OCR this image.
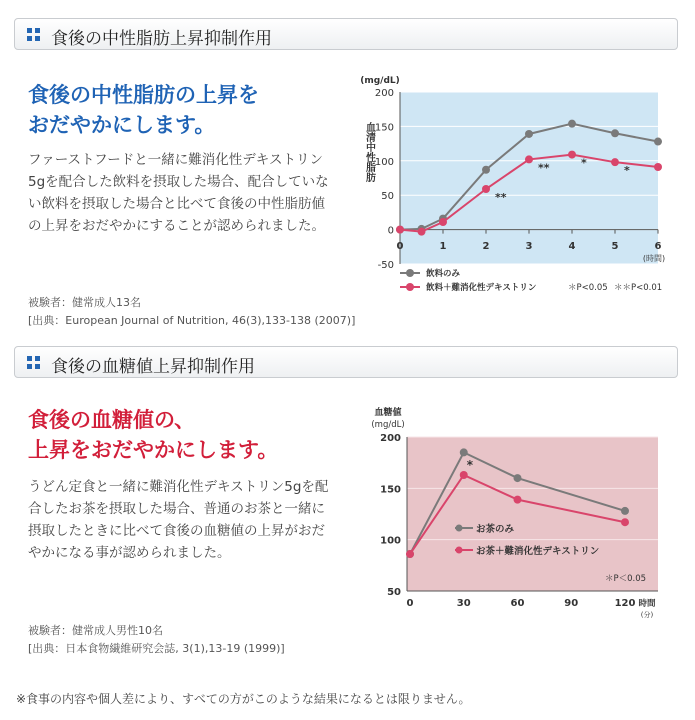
食後の中性脂肪上昇抑制作用
食後の中性脂肪の上昇を
おだやかにします。
ファーストフードと一緒に難消化性デキストリン
5gを配合した飲料を摂取した場合、配合していな
い飲料を摂取した場合と比べて食後の中性脂肪値
の上昇をおだやかにすることが認められました。
被験者：健常成人13名
[出典：European Journal of Nutrition, 46(3),133-138 (2007)]
200
150
100
50
0
-50
0	1	2	3	4	5	6
(時間)
(mg/dL)
血清中性脂肪
**
**	*
*
飲料のみ
飲料＋難消化性デキストリン	＊P<0.05 ＊＊P<0.01
食後の血糖値上昇抑制作用
食後の血糖値の、
上昇をおだやかにします。
うどん定食と一緒に難消化性デキストリン5gを配
合したお茶を摂取した場合、普通のお茶と一緒に
摂取したときに比べて食後の血糖値の上昇がおだ
やかになる事が認められました。
被験者：健常成人男性10名
[出典：日本食物繊維研究会誌, 3(1),13-19 (1999)]
200
150
100
50
0	30	60	90	120 時間
(分)
血糖値
(mg/dL)
*
お茶のみ
お茶＋難消化性デキストリン
＊P＜0.05
※食事の内容や個人差により、すべての方がこのような結果になるとは限りません。
